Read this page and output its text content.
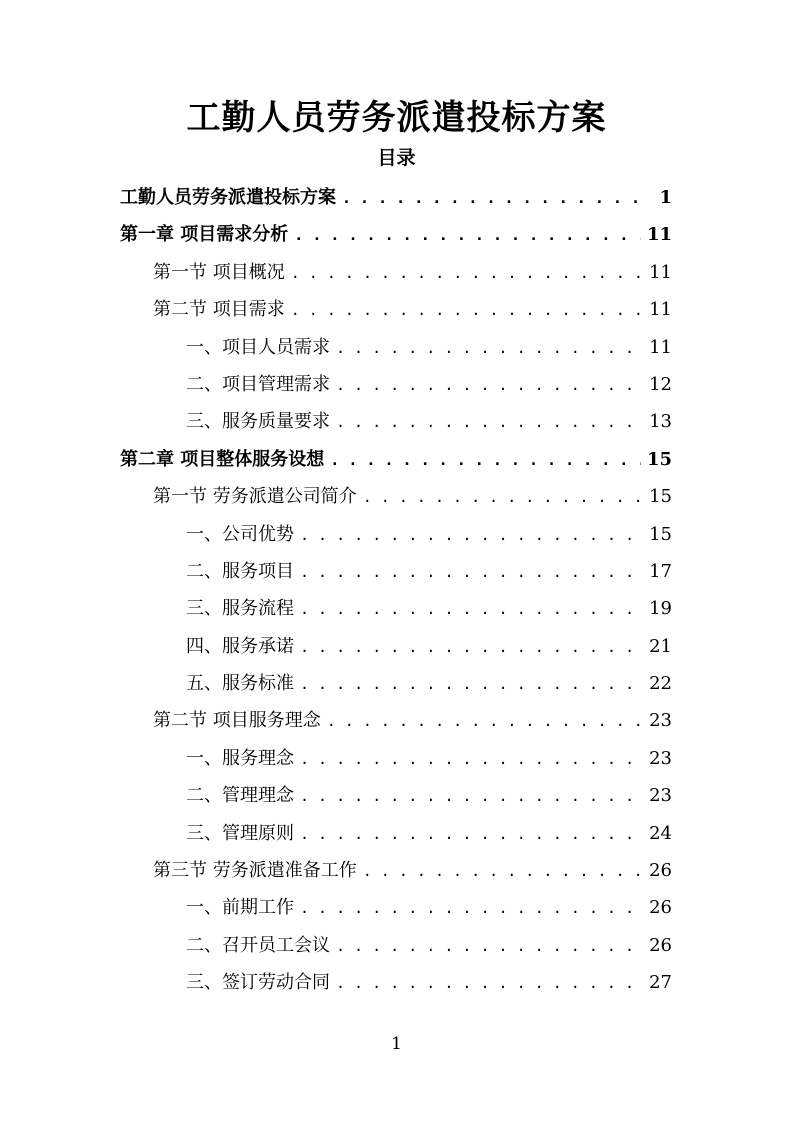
工勤人员劳务派遣投标方案
目录
工勤人员劳务派遣投标方案 . . .	1
第一章 项目需求分析 . . .	11
第一节 项目概况 . . .	11
第二节 项目需求 . . .	11
一、项目人员需求 . . .	11
二、项目管理需求 . . .	12
三、服务质量要求 . . .	13
第二章 项目整体服务设想 . . .	15
第一节 劳务派遣公司简介 . . .	15
一、公司优势 . . .	15
二、服务项目 . . .	17
三、服务流程 . . .	19
四、服务承诺 . . .	21
五、服务标准 . . .	22
第二节 项目服务理念 . . .	23
一、服务理念 . . .	23
二、管理理念 . . .	23
三、管理原则 . . .	24
第三节 劳务派遣准备工作 . . .	26
一、前期工作 . . .	26
二、召开员工会议 . . .	26
三、签订劳动合同 . . .	27
1
